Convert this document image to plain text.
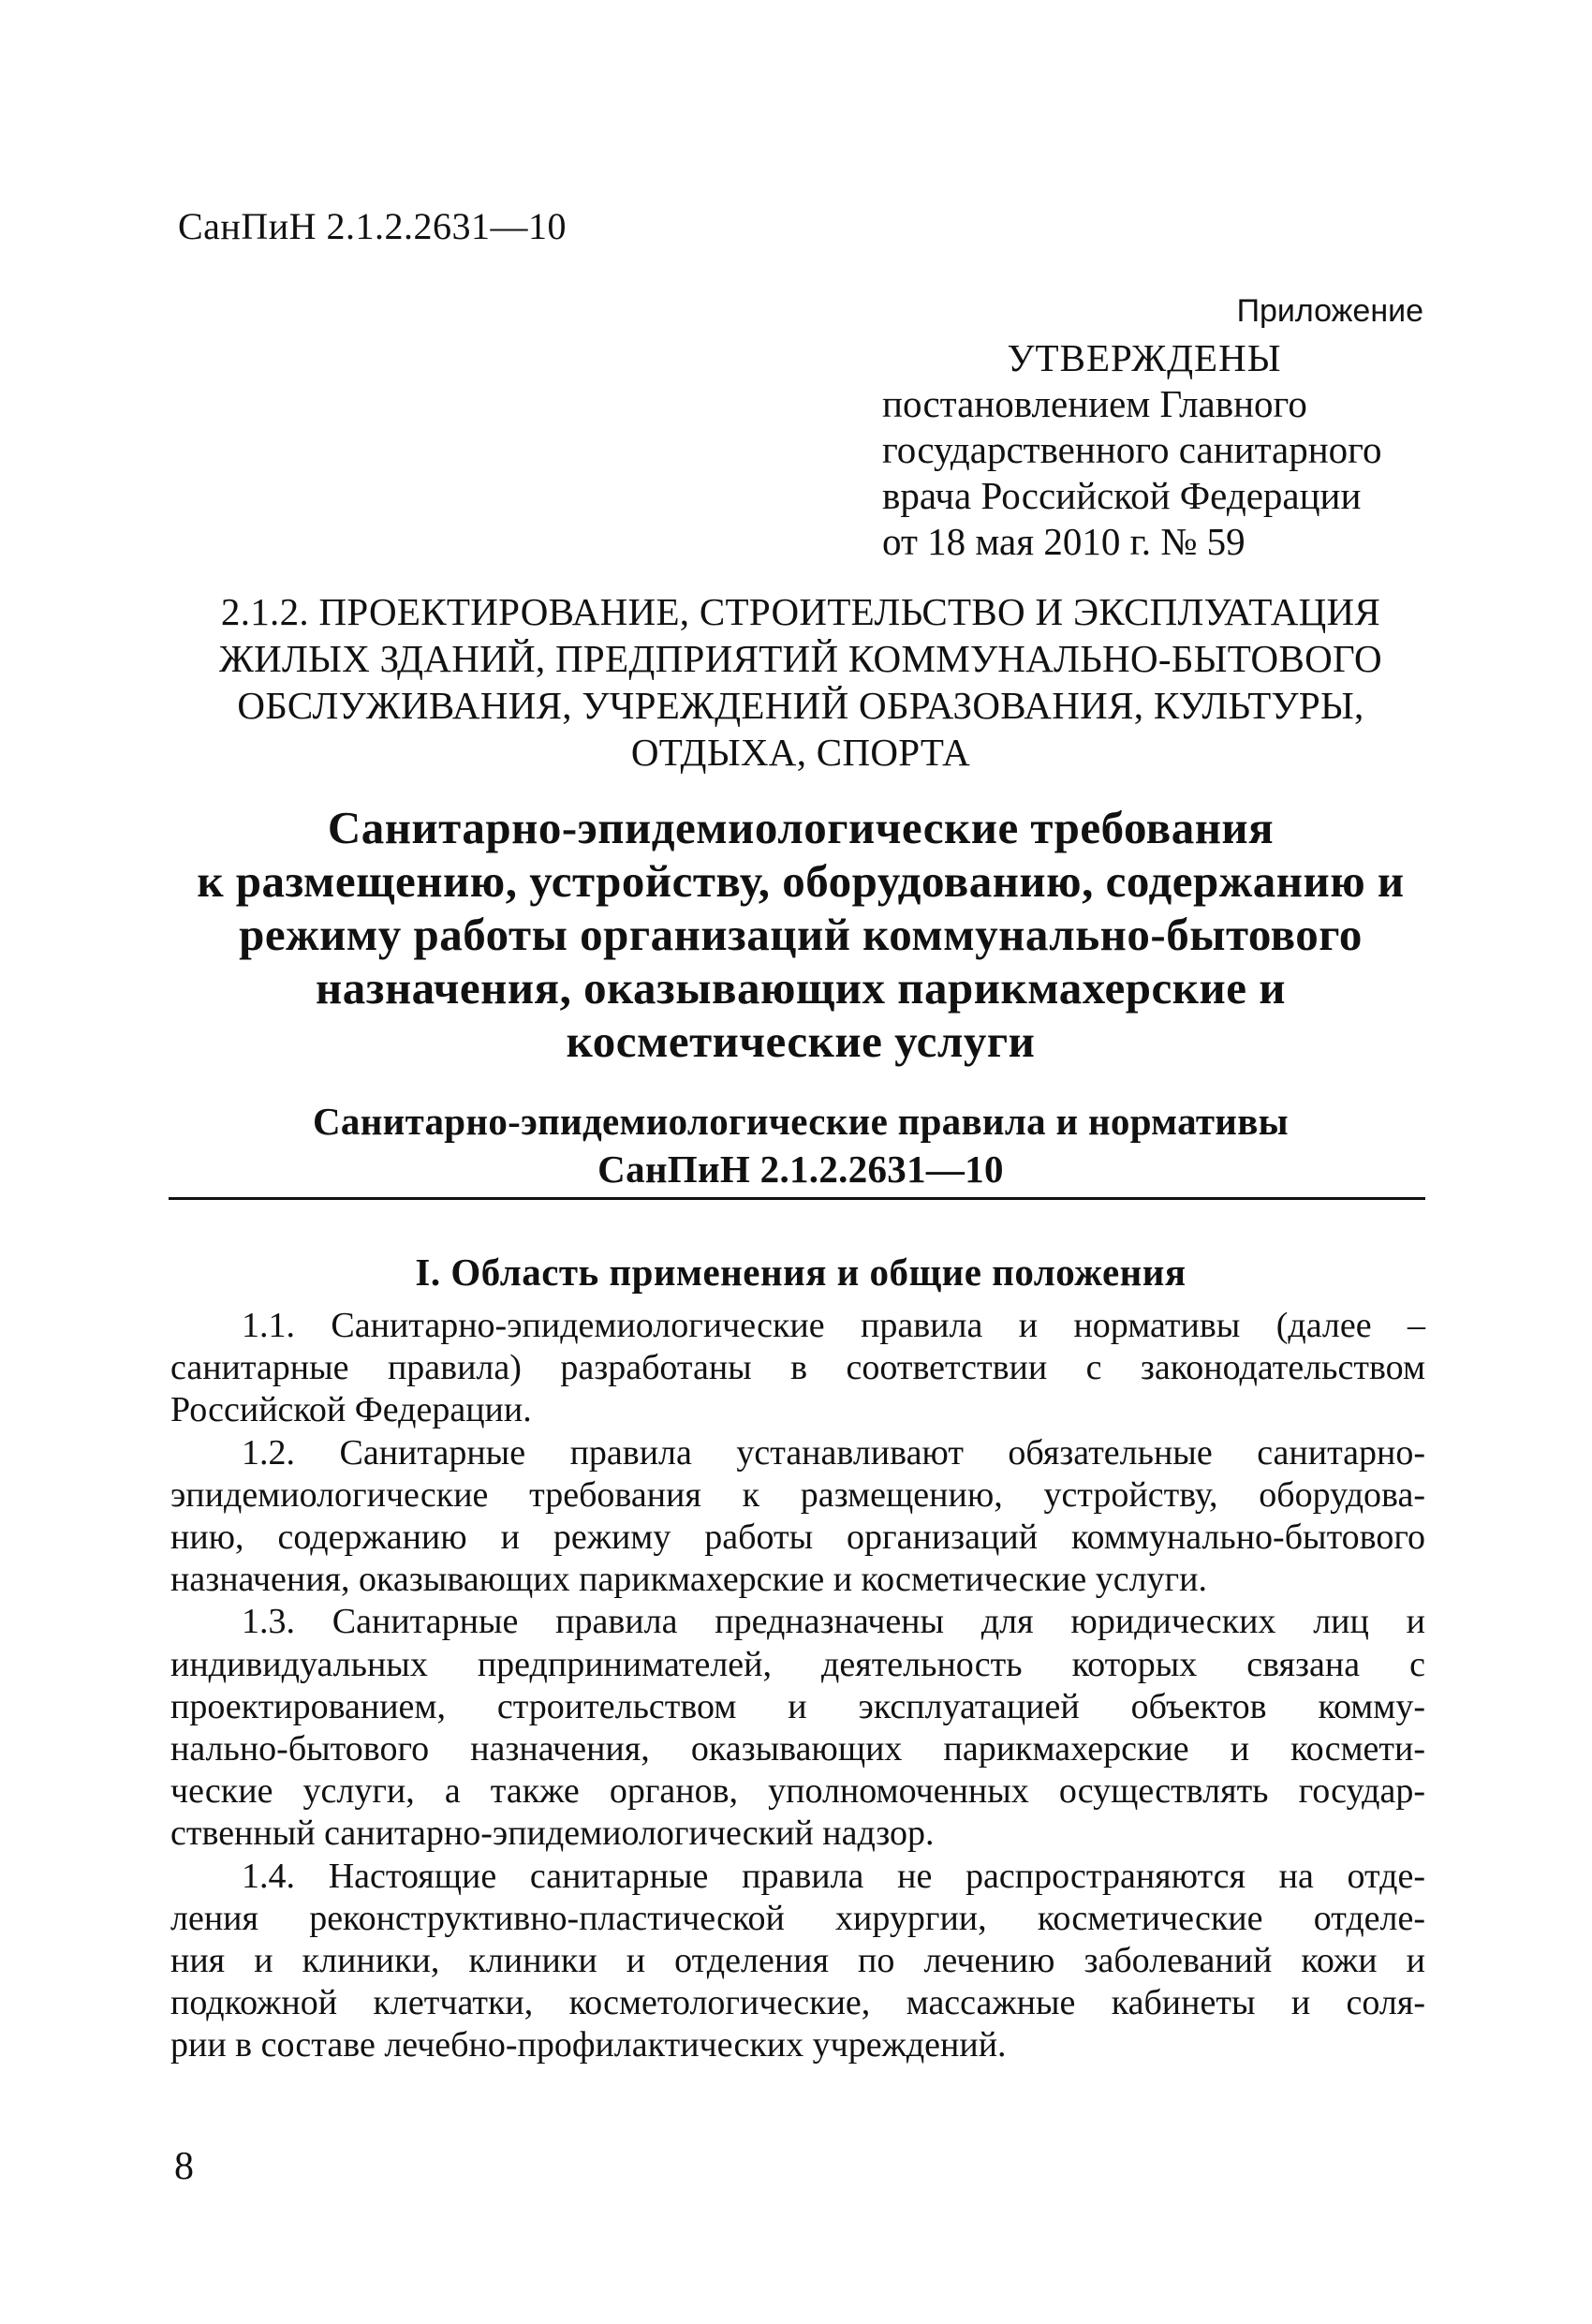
СанПиН 2.1.2.2631—10
Приложение
УТВЕРЖДЕНЫ
постановлением Главного
государственного санитарного
врача Российской Федерации
от 18 мая 2010 г. № 59
2.1.2. ПРОЕКТИРОВАНИЕ, СТРОИТЕЛЬСТВО И ЭКСПЛУАТАЦИЯ
ЖИЛЫХ ЗДАНИЙ, ПРЕДПРИЯТИЙ КОММУНАЛЬНО-БЫТОВОГО
ОБСЛУЖИВАНИЯ, УЧРЕЖДЕНИЙ ОБРАЗОВАНИЯ, КУЛЬТУРЫ,
ОТДЫХА, СПОРТА
Санитарно-эпидемиологические требования
к размещению, устройству, оборудованию, содержанию и
режиму работы организаций коммунально-бытового
назначения, оказывающих парикмахерские и
косметические услуги
Санитарно-эпидемиологические правила и нормативы
СанПиН 2.1.2.2631—10
I. Область применения и общие положения

1.1. Санитарно-эпидемиологические правила и нормативы (далее –
санитарные правила) разработаны в соответствии с законодательством
Российской Федерации.

1.2. Санитарные правила устанавливают обязательные санитарно-
эпидемиологические требования к размещению, устройству, оборудова-
нию, содержанию и режиму работы организаций коммунально-бытового
назначения, оказывающих парикмахерские и косметические услуги.

1.3. Санитарные правила предназначены для юридических лиц и
индивидуальных предпринимателей, деятельность которых связана с
проектированием, строительством и эксплуатацией объектов комму-
нально-бытового назначения, оказывающих парикмахерские и космети-
ческие услуги, а также органов, уполномоченных осуществлять государ-
ственный санитарно-эпидемиологический надзор.

1.4. Настоящие санитарные правила не распространяются на отде-
ления реконструктивно-пластической хирургии, косметические отделе-
ния и клиники, клиники и отделения по лечению заболеваний кожи и
подкожной клетчатки, косметологические, массажные кабинеты и соля-
рии в составе лечебно-профилактических учреждений.

8
